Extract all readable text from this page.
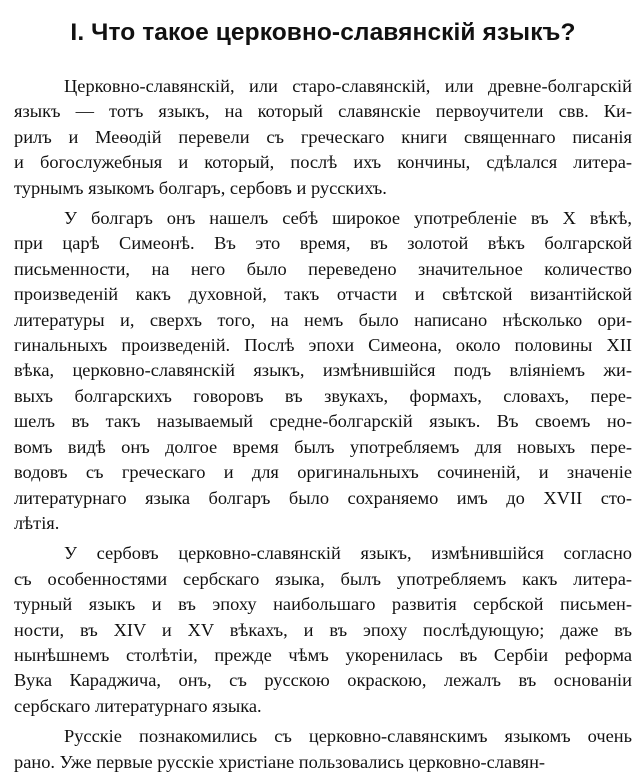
I. Что такое церковно-славянскій языкъ?
Церковно-славянскій, или старо-славянскій, или древне-болгарскій
языкъ — тотъ языкъ, на который славянскіе первоучители свв. Ки-
рилъ и Меѳодій перевели съ греческаго книги священнаго писанія
и богослужебныя и который, послѣ ихъ кончины, сдѣлался литера-
турнымъ языкомъ болгаръ, сербовъ и русскихъ.
У болгаръ онъ нашелъ себѣ широкое употребленіе въ X вѣкѣ,
при царѣ Симеонѣ. Въ это время, въ золотой вѣкъ болгарской
письменности, на него было переведено значительное количество
произведеній какъ духовной, такъ отчасти и свѣтской византійской
литературы и, сверхъ того, на немъ было написано нѣсколько ори-
гинальныхъ произведеній. Послѣ эпохи Симеона, около половины XII
вѣка, церковно-славянскій языкъ, измѣнившійся подъ вліяніемъ жи-
выхъ болгарскихъ говоровъ въ звукахъ, формахъ, словахъ, пере-
шелъ въ такъ называемый средне-болгарскій языкъ. Въ своемъ но-
вомъ видѣ онъ долгое время былъ употребляемъ для новыхъ пере-
водовъ съ греческаго и для оригинальныхъ сочиненій, и значеніе
литературнаго языка болгаръ было сохраняемо имъ до XVII сто-
лѣтія.
У сербовъ церковно-славянскій языкъ, измѣнившійся согласно
съ особенностями сербскаго языка, былъ употребляемъ какъ литера-
турный языкъ и въ эпоху наибольшаго развитія сербской письмен-
ности, въ XIV и XV вѣкахъ, и въ эпоху послѣдующую; даже въ
нынѣшнемъ столѣтіи, прежде чѣмъ укоренилась въ Сербіи реформа
Вука Караджича, онъ, съ русскою окраскою, лежалъ въ основаніи
сербскаго литературнаго языка.
Русскіе познакомились съ церковно-славянскимъ языкомъ очень
рано. Уже первые русскіе христіане пользовались церковно-славян-
